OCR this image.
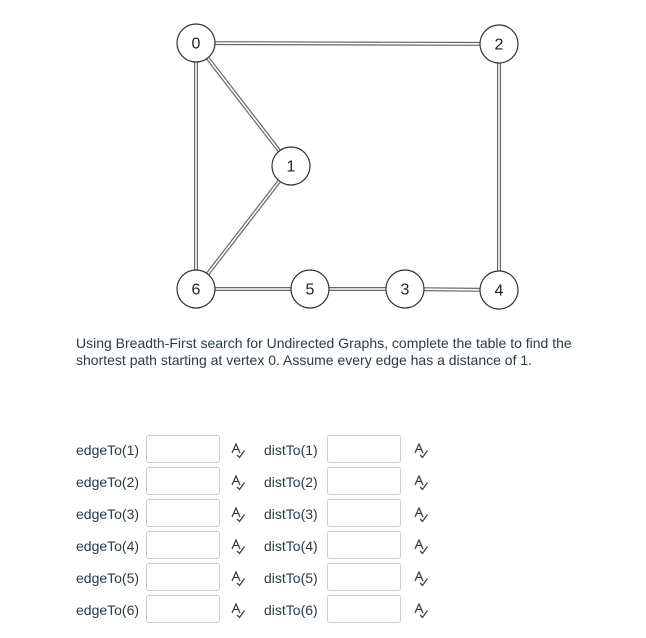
0
1
2
3	4
5
6

Using Breadth-First search for Undirected Graphs, complete the table to find the shortest path starting at vertex 0. Assume every edge has a distance of 1.

edgeTo(1)	distTo(1)
edgeTo(2)	distTo(2)
edgeTo(3)	distTo(3)
edgeTo(4)	distTo(4)
edgeTo(5)	distTo(5)
edgeTo(6)	distTo(6)
